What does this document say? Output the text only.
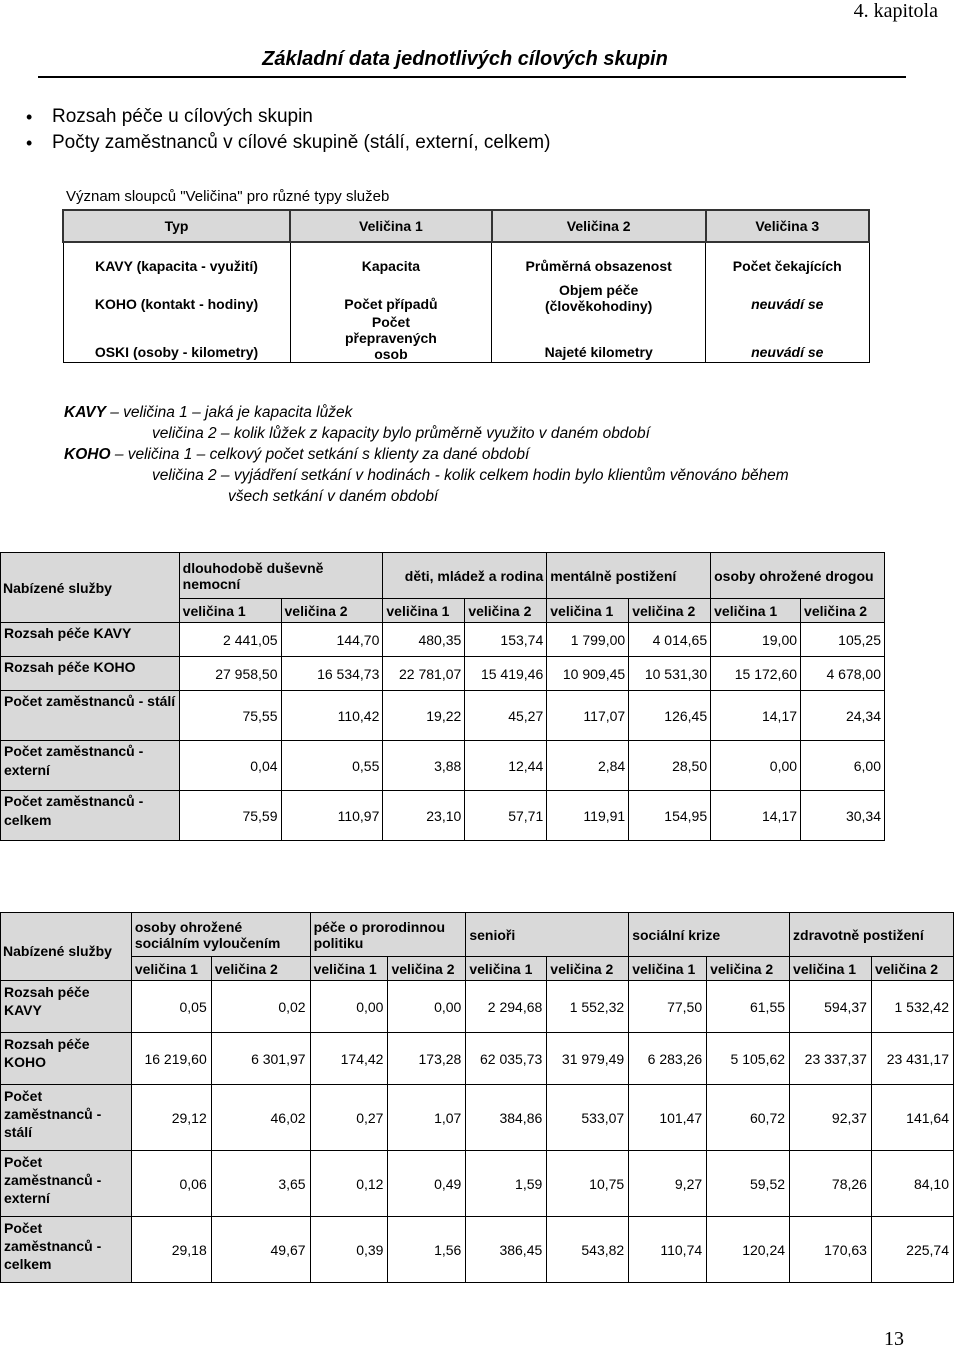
4. kapitola
Základní data jednotlivých cílových skupin
• Rozsah péče u cílových skupin
• Počty zaměstnanců v cílové skupině (stálí, externí, celkem)
Význam sloupců "Veličina" pro různé typy služeb
Typ	Veličina 1	Veličina 2	Veličina 3
KAVY (kapacita - využití)	Kapacita	Průměrná obsazenost	Počet čekajících
KOHO (kontakt - hodiny)	Počet případů	Objem péče (člověkohodiny)	neuvádí se
OSKI (osoby - kilometry)	Počet přepravených osob	Najeté kilometry	neuvádí se
KAVY – veličina 1 – jaká je kapacita lůžek
veličina 2 – kolik lůžek z kapacity bylo průměrně využito v daném období
KOHO – veličina 1 – celkový počet setkání s klienty za dané období
veličina 2 – vyjádření setkání v hodinách - kolik celkem hodin bylo klientům věnováno během
všech setkání v daném období
Nabízené služby	dlouhodobě duševně nemocní		děti, mládež a rodina		mentálně postižení		osoby ohrožené drogou	
	veličina 1	veličina 2	veličina 1	veličina 2	veličina 1	veličina 2	veličina 1	veličina 2
Rozsah péče KAVY	2 441,05	144,70	480,35	153,74	1 799,00	4 014,65	19,00	105,25
Rozsah péče KOHO	27 958,50	16 534,73	22 781,07	15 419,46	10 909,45	10 531,30	15 172,60	4 678,00
Počet zaměstnanců - stálí	75,55	110,42	19,22	45,27	117,07	126,45	14,17	24,34
Počet zaměstnanců - externí	0,04	0,55	3,88	12,44	2,84	28,50	0,00	6,00
Počet zaměstnanců - celkem	75,59	110,97	23,10	57,71	119,91	154,95	14,17	30,34
Nabízené služby	osoby ohrožené sociálním vyloučením		péče o prorodinnou politiku		senioři		sociální krize		zdravotně postižení	
	veličina 1	veličina 2	veličina 1	veličina 2	veličina 1	veličina 2	veličina 1	veličina 2	veličina 1	veličina 2
Rozsah péče KAVY	0,05	0,02	0,00	0,00	2 294,68	1 552,32	77,50	61,55	594,37	1 532,42
Rozsah péče KOHO	16 219,60	6 301,97	174,42	173,28	62 035,73	31 979,49	6 283,26	5 105,62	23 337,37	23 431,17
Počet zaměstnanců - stálí	29,12	46,02	0,27	1,07	384,86	533,07	101,47	60,72	92,37	141,64
Počet zaměstnanců - externí	0,06	3,65	0,12	0,49	1,59	10,75	9,27	59,52	78,26	84,10
Počet zaměstnanců - celkem	29,18	49,67	0,39	1,56	386,45	543,82	110,74	120,24	170,63	225,74
13
